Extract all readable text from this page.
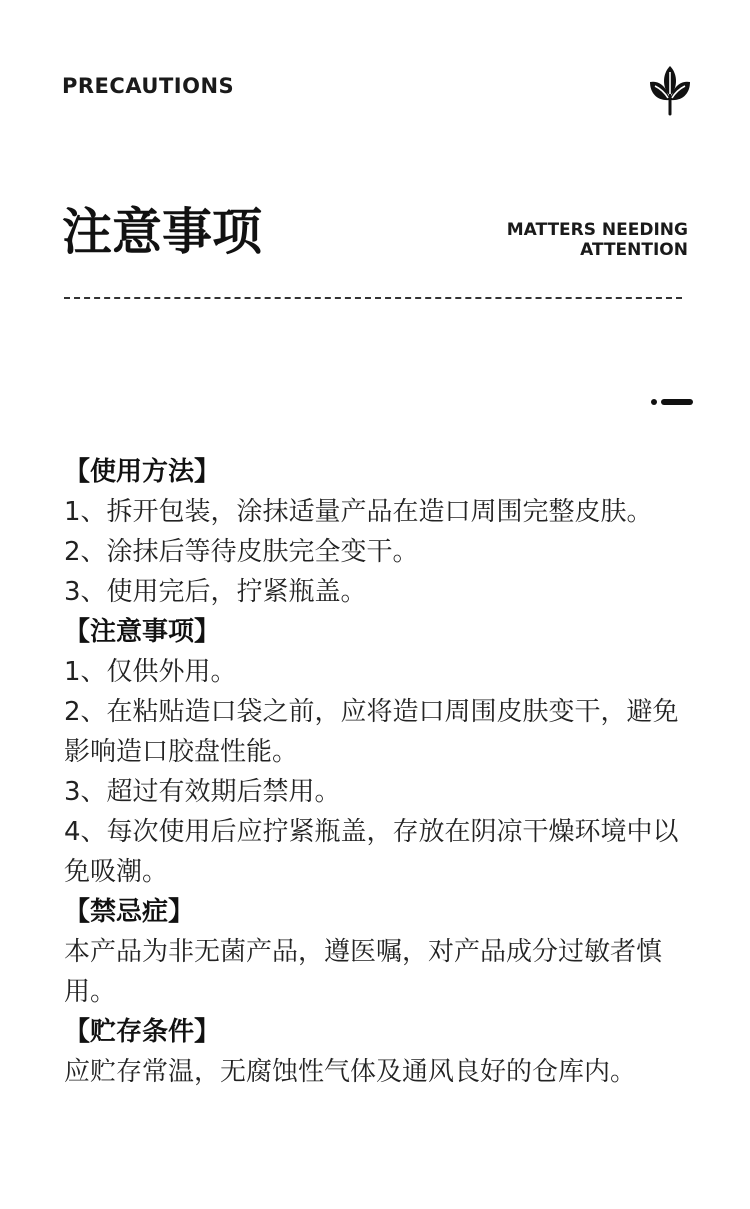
PRECAUTIONS
注意事项	MATTERS NEEDING
ATTENTION
【使用方法】
1、拆开包装，涂抹适量产品在造口周围完整皮肤。
2、涂抹后等待皮肤完全变干。
3、使用完后，拧紧瓶盖。
【注意事项】
1、仅供外用。
2、在粘贴造口袋之前，应将造口周围皮肤变干，避免影响造口胶盘性能。
3、超过有效期后禁用。
4、每次使用后应拧紧瓶盖，存放在阴凉干燥环境中以免吸潮。
【禁忌症】
本产品为非无菌产品，遵医嘱，对产品成分过敏者慎用。
【贮存条件】
应贮存常温，无腐蚀性气体及通风良好的仓库内。
